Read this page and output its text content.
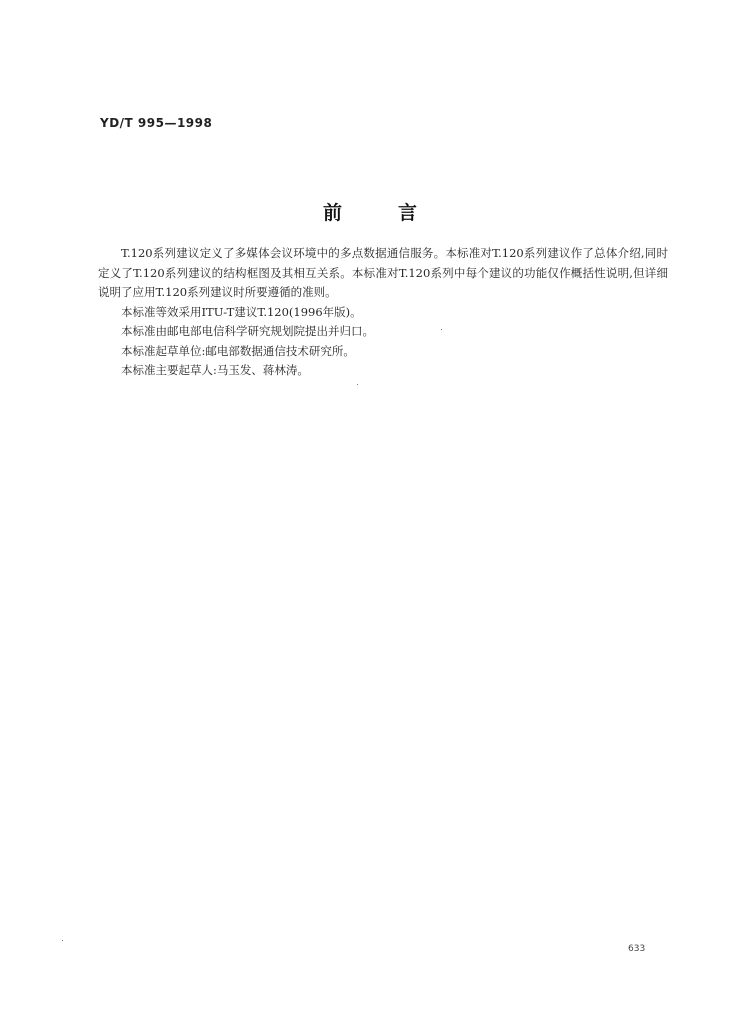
YD/T 995—1998
前言

T.120系列建议定义了多媒体会议环境中的多点数据通信服务。本标准对T.120系列建议作了总体介绍,同时定义了T.120系列建议的结构框图及其相互关系。本标准对T.120系列中每个建议的功能仅作概括性说明,但详细说明了应用T.120系列建议时所要遵循的准则。

本标准等效采用ITU-T建议T.120(1996年版)。

本标准由邮电部电信科学研究规划院提出并归口。

本标准起草单位:邮电部数据通信技术研究所。

本标准主要起草人:马玉发、蒋林涛。

633
